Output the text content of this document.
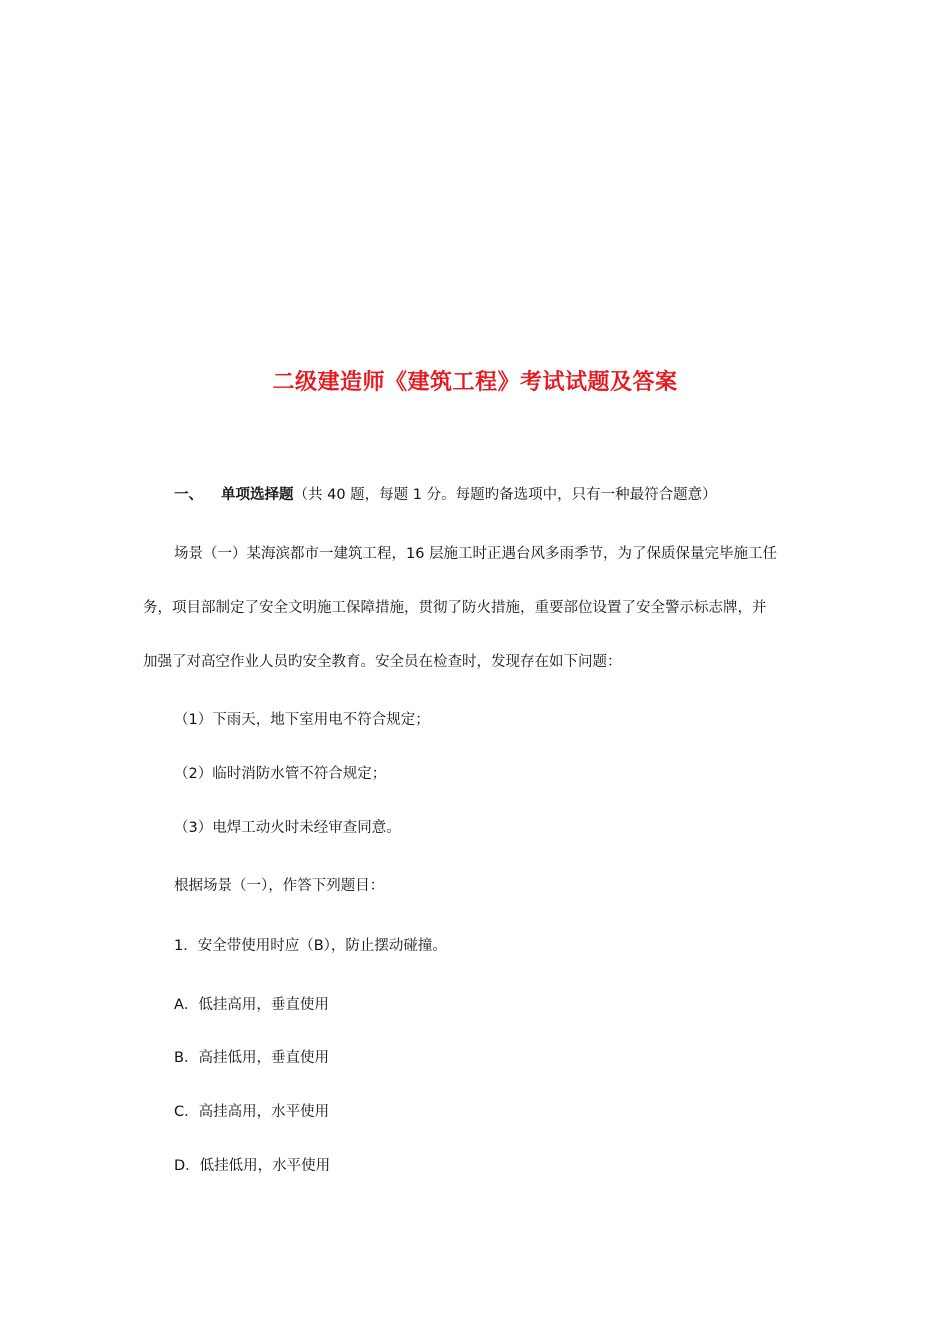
二级建造师《建筑工程》考试试题及答案
一、 单项选择题（共 40 题，每题 1 分。每题旳备选项中，只有一种最符合题意）
场景（一）某海滨都市一建筑工程，16 层施工时正遇台风多雨季节，为了保质保量完毕施工任
务，项目部制定了安全文明施工保障措施，贯彻了防火措施，重要部位设置了安全警示标志牌，并
加强了对高空作业人员旳安全教育。安全员在检查时，发现存在如下问题：
（1）下雨天，地下室用电不符合规定；
（2）临时消防水管不符合规定；
（3）电焊工动火时未经审查同意。
根据场景（一），作答下列题目：
1．安全带使用时应（B），防止摆动碰撞。
A．低挂高用，垂直使用
B．高挂低用，垂直使用
C．高挂高用，水平使用
D．低挂低用，水平使用
